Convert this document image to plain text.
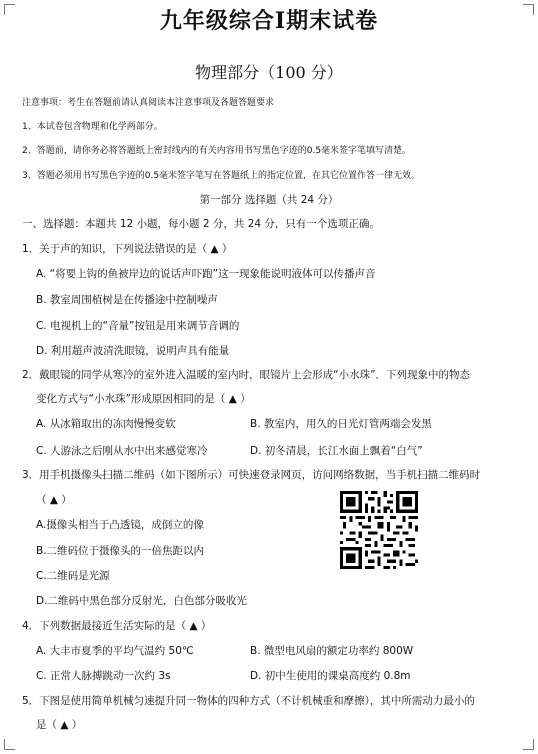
九年级综合Ⅰ期末试卷
物理部分（100 分）
注意事项：考生在答题前请认真阅读本注意事项及各题答题要求
1、本试卷包含物理和化学两部分。
2、答题前，请你务必将答题纸上密封线内的有关内容用书写黑色字迹的0.5毫米签字笔填写清楚。
3、答题必须用书写黑色字迹的0.5毫米签字笔写在答题纸上的指定位置，在其它位置作答一律无效。
第一部分 选择题（共 24 分）
一、选择题：本题共 12 小题，每小题 2 分，共 24 分，只有一个选项正确。
1．关于声的知识，下列说法错误的是（ ▲ ）
A. “将要上钩的鱼被岸边的说话声吓跑”这一现象能说明液体可以传播声音
B. 教室周围植树是在传播途中控制噪声
C. 电视机上的“音量”按钮是用来调节音调的
D. 利用超声波清洗眼镜，说明声具有能量
2．戴眼镜的同学从寒冷的室外进入温暖的室内时，眼镜片上会形成“小水珠”．下列现象中的物态
变化方式与“小水珠”形成原因相同的是（ ▲ ）
A. 从冰箱取出的冻肉慢慢变软	B. 教室内，用久的日光灯管两端会发黑
C. 人游泳之后刚从水中出来感觉寒冷	D. 初冬清晨，长江水面上飘着“白气”
3．用手机摄像头扫描二维码（如下图所示）可快速登录网页，访问网络数据，当手机扫描二维码时
（ ▲ ）
A.摄像头相当于凸透镜，成倒立的像
B.二维码位于摄像头的一倍焦距以内
C.二维码是光源
D.二维码中黑色部分反射光，白色部分吸收光
4．下列数据最接近生活实际的是（ ▲ ）
A. 大丰市夏季的平均气温约 50℃	B. 微型电风扇的额定功率约 800W
C. 正常人脉搏跳动一次约 3s	D. 初中生使用的课桌高度约 0.8m
5．下图是使用简单机械匀速提升同一物体的四种方式（不计机械重和摩擦），其中所需动力最小的
是（ ▲ ）
